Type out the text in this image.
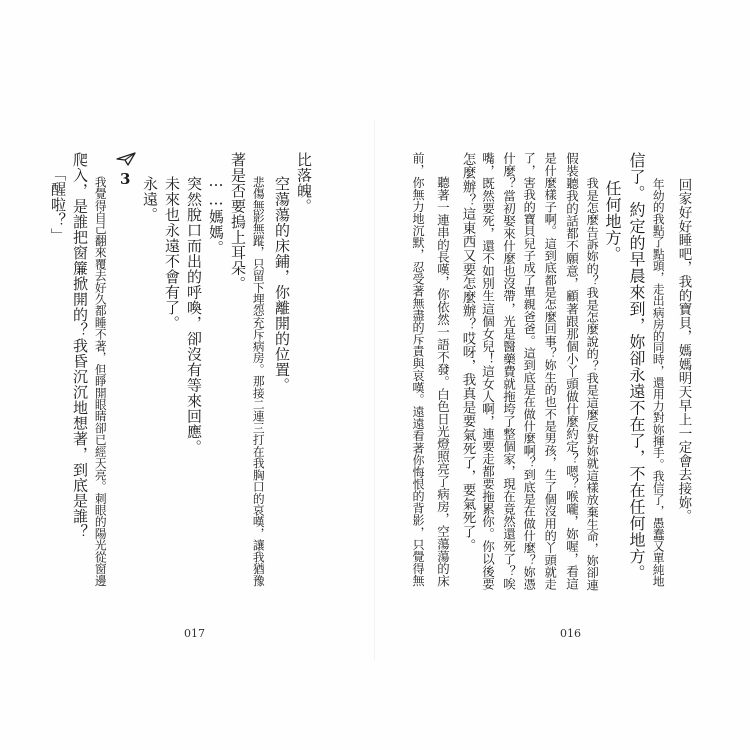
回家好好睡吧，我的寶貝，媽媽明天早上一定會去接妳。
年幼的我點了點頭，走出病房的同時，還用力對妳揮手。我信了，愚蠢又單純地
信了。約定的早晨來到，妳卻永遠不在了，不在任何地方。
任何地方。
我是怎麼告訴妳的？我是怎麼說的？我是這麼反對妳就這樣放棄生命，妳卻連
假裝聽我的話都不願意，顧著跟那個小丫頭做什麼約定？嗯？喉嚨，妳喔，看這
是什麼樣子啊。這到底都是怎麼回事？妳生的也不是男孩，生了個沒用的丫頭就走
了，害我的寶貝兒子成了單親爸爸。這到底是在做什麼啊？到底是在做什麼？妳憑
什麼？當初娶來什麼也沒帶，光是醫藥費就拖垮了整個家，現在竟然還死了？唉
嘴，既然要死，還不如別生這個女兒！這女人啊，連要走都要拖累你。你以後要
怎麼辦？這東西又要怎麼辦？哎呀，我真是要氣死了，要氣死了。
聽著一連串的長嘆，你依然一語不發。白色日光燈照亮了病房，空蕩蕩的床
前，你無力地沉默，忍受著無盡的斥責與哀嘆。遠遠看著你悔恨的背影，只覺得無
016
比落魄。
空蕩蕩的床鋪，你離開的位置。
悲傷無影無蹤，只留下埋怨充斥病房。那接二連三打在我胸口的哀嘆，讓我猶豫
著是否要摀上耳朵。
……媽媽。
突然脫口而出的呼喚，卻沒有等來回應。
未來也永遠不會有了。
永遠。
3
我覺得自己翻來覆去好久都睡不著，但睜開眼睛卻已經天亮。刺眼的陽光從窗邊
爬入，是誰把窗簾掀開的？我昏沉沉地想著，到底是誰？
「醒啦？」
017
